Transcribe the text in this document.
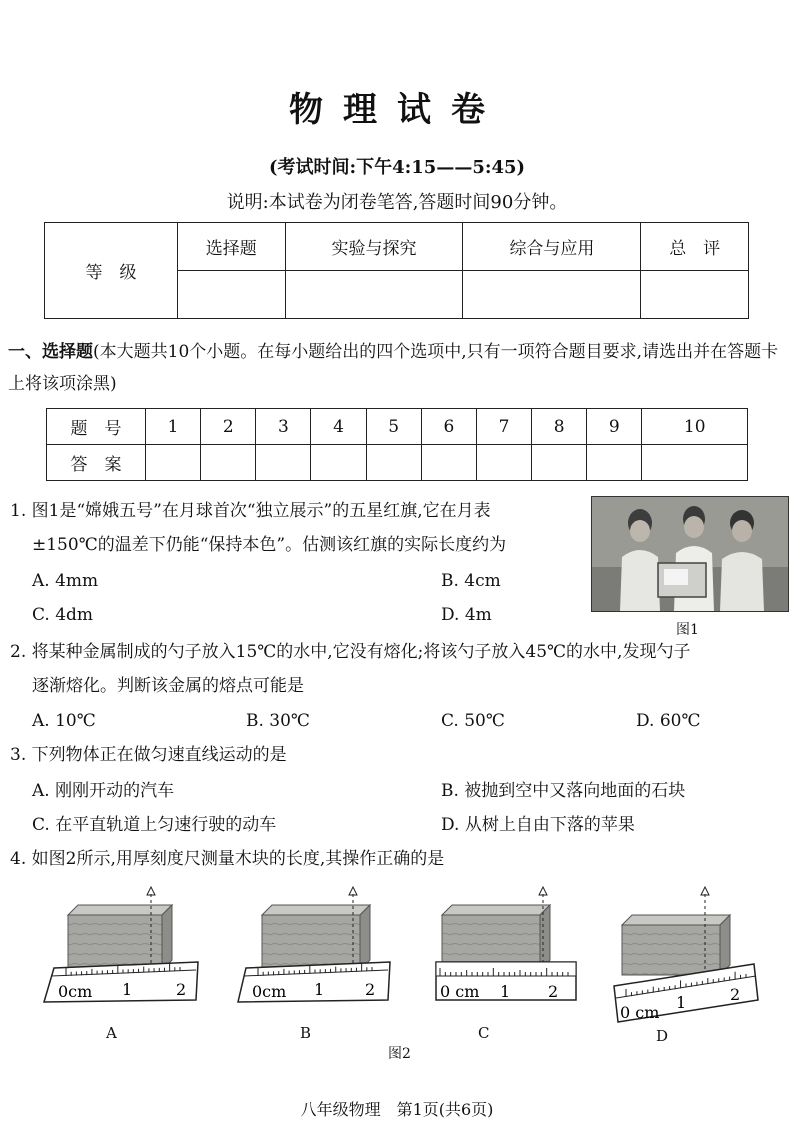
物理试卷
(考试时间:下午4:15——5:45)
说明:本试卷为闭卷笔答,答题时间90分钟。
等　级	选择题	实验与探究	综合与应用	总　评

一、选择题(本大题共10个小题。在每小题给出的四个选项中,只有一项符合题目要求,请选出并在答题卡上将该项涂黑)
题　号	1	2	3	4	5	6	7	8	9	10
答　案										
1. 图1是“嫦娥五号”在月球首次“独立展示”的五星红旗,它在月表
±150℃的温差下仍能“保持本色”。估测该红旗的实际长度约为
A. 4mm	B. 4cm
C. 4dm	D. 4m
图1
2. 将某种金属制成的勺子放入15℃的水中,它没有熔化;将该勺子放入45℃的水中,发现勺子
逐渐熔化。判断该金属的熔点可能是
A. 10℃	B. 30℃	C. 50℃	D. 60℃
3. 下列物体正在做匀速直线运动的是
A. 刚刚开动的汽车	B. 被抛到空中又落向地面的石块
C. 在平直轨道上匀速行驶的动车	D. 从树上自由下落的苹果
4. 如图2所示,用厚刻度尺测量木块的长度,其操作正确的是
0cm 1	2	0cm 1	2	0 cm 1 2
0 cm
1	2
A	B	C	D
图2
八年级物理　第1页(共6页)
